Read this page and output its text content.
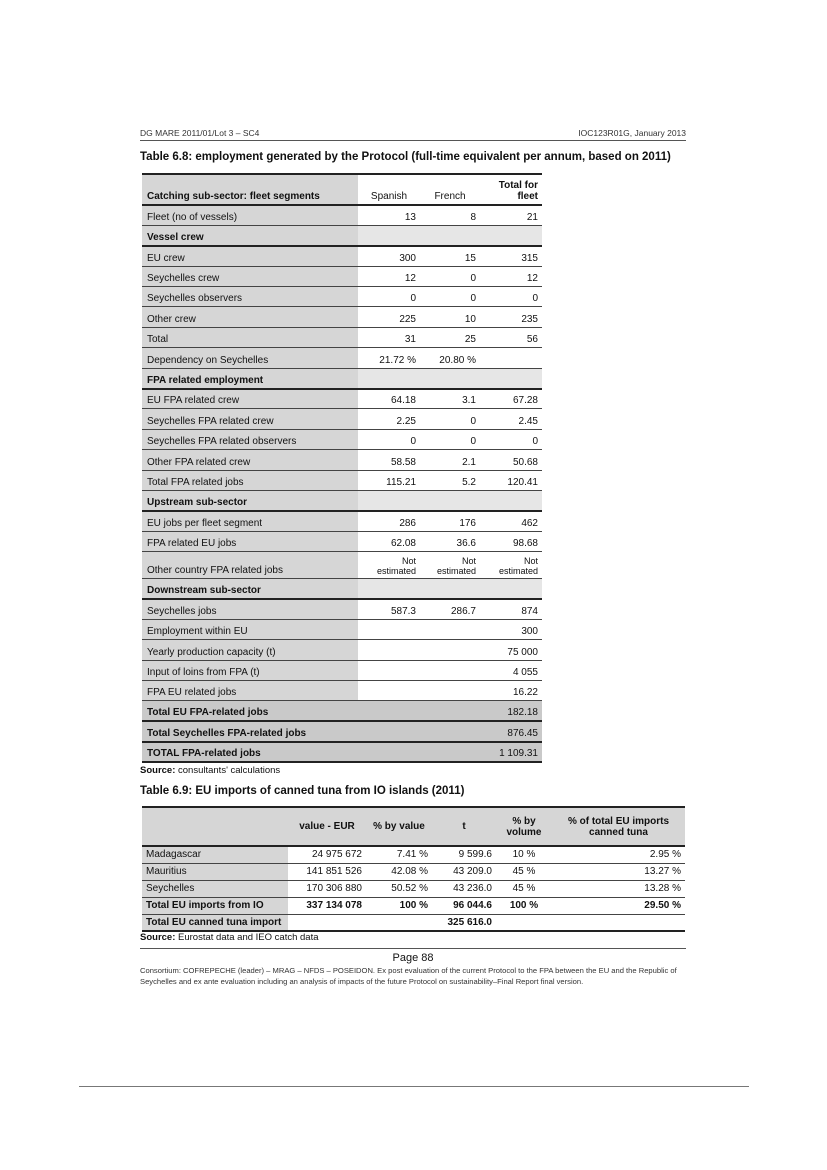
DG MARE 2011/01/Lot 3 – SC4	IOC123R01G, January 2013
Table 6.8: employment generated by the Protocol (full-time equivalent per annum, based on 2011)
Catching sub-sector: fleet segments	Spanish	French	Total for fleet
Fleet (no of vessels)	13	8	21
Vessel crew			
EU crew	300	15	315
Seychelles crew	12	0	12
Seychelles observers	0	0	0
Other crew	225	10	235
Total	31	25	56
Dependency on Seychelles	21.72 %	20.80 %	
FPA related employment			
EU FPA related crew	64.18	3.1	67.28
Seychelles FPA related crew	2.25	0	2.45
Seychelles FPA related observers	0	0	0
Other FPA related crew	58.58	2.1	50.68
Total FPA related jobs	115.21	5.2	120.41
Upstream sub-sector			
EU jobs per fleet segment	286	176	462
FPA related EU jobs	62.08	36.6	98.68
Other country FPA related jobs	Not estimated	Not estimated	Not estimated

Downstream sub-sector			
Seychelles jobs	587.3	286.7	874
Employment within EU			300
Yearly production capacity (t)			75 000
Input of loins from FPA (t)			4 055
FPA EU related jobs			16.22
Total EU FPA-related jobs			182.18
Total Seychelles FPA-related jobs			876.45
TOTAL FPA-related jobs			1 109.31
Source: consultants' calculations
Table 6.9: EU imports of canned tuna from IO islands (2011)
	value - EUR	% by value	t	% by volume	% of total EU imports canned tuna
Madagascar	24 975 672	7.41 %	9 599.6	10 %	2.95 %
Mauritius	141 851 526	42.08 %	43 209.0	45 %	13.27 %
Seychelles	170 306 880	50.52 %	43 236.0	45 %	13.28 %
Total EU imports from IO	337 134 078	100 %	96 044.6	100 %	29.50 %
Total EU canned tuna import			325 616.0		
Source: Eurostat data and IEO catch data
Page 88
Consortium: COFREPECHE (leader) – MRAG – NFDS – POSEIDON. Ex post evaluation of the current Protocol to the FPA between the EU and the Republic of Seychelles and ex ante evaluation including an analysis of impacts of the future Protocol on sustainability–Final Report final version.
